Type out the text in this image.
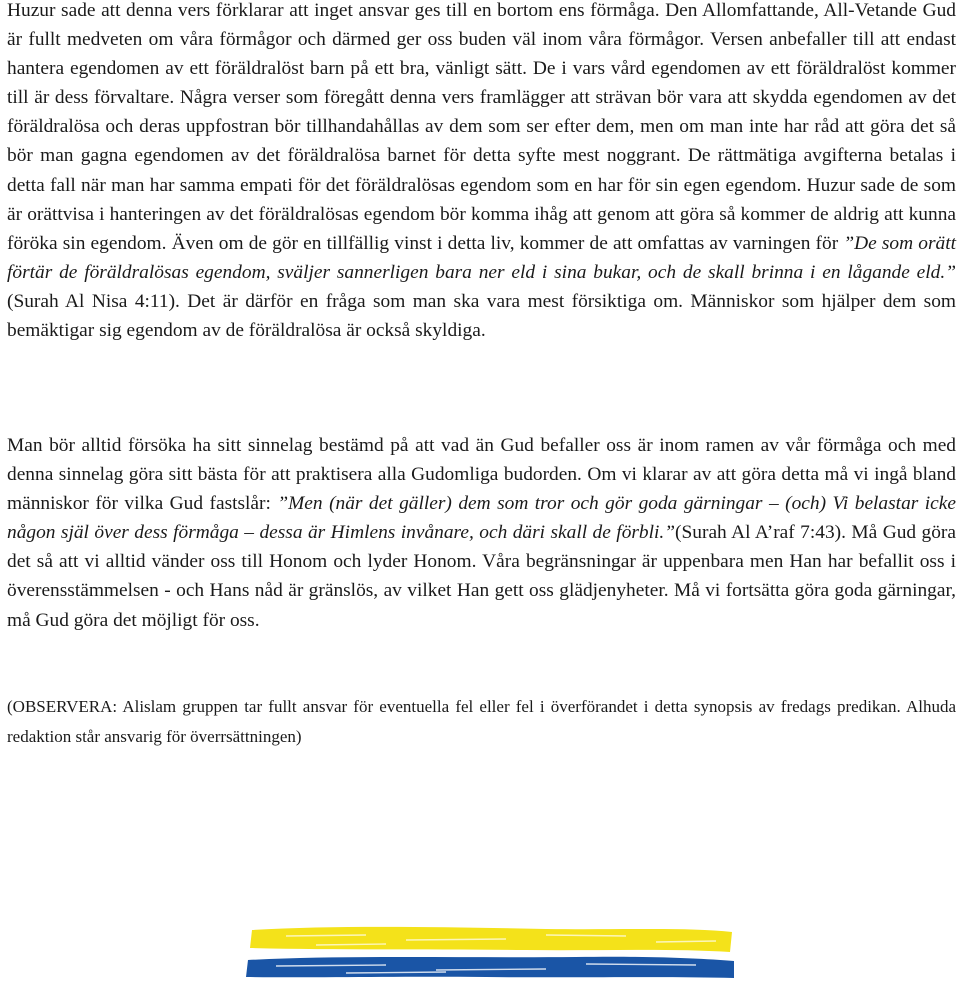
Huzur sade att denna vers förklarar att inget ansvar ges till en bortom ens förmåga. Den Allomfattande, All-Vetande Gud är fullt medveten om våra förmågor och därmed ger oss buden väl inom våra förmågor. Versen anbefaller till att endast hantera egendomen av ett föräldralöst barn på ett bra, vänligt sätt. De i vars vård egendomen av ett föräldralöst kommer till är dess förvaltare. Några verser som föregått denna vers framlägger att strävan bör vara att skydda egendomen av det föräldralösa och deras uppfostran bör tillhandahållas av dem som ser efter dem, men om man inte har råd att göra det så bör man gagna egendomen av det föräldralösa barnet för detta syfte mest noggrant. De rättmätiga avgifterna betalas i detta fall när man har samma empati för det föräldralösas egendom som en har för sin egen egendom. Huzur sade de som är orättvisa i hanteringen av det föräldralösas egendom bör komma ihåg att genom att göra så kommer de aldrig att kunna föröka sin egendom. Även om de gör en tillfällig vinst i detta liv, kommer de att omfattas av varningen för ”De som orätt förtär de föräldralösas egendom, sväljer sannerligen bara ner eld i sina bukar, och de skall brinna i en lågande eld.” (Surah Al Nisa 4:11). Det är därför en fråga som man ska vara mest försiktiga om. Människor som hjälper dem som bemäktigar sig egendom av de föräldralösa är också skyldiga.

Man bör alltid försöka ha sitt sinnelag bestämd på att vad än Gud befaller oss är inom ramen av vår förmåga och med denna sinnelag göra sitt bästa för att praktisera alla Gudomliga budorden. Om vi klarar av att göra detta må vi ingå bland människor för vilka Gud fastslår: ”Men (när det gäller) dem som tror och gör goda gärningar – (och) Vi belastar icke någon själ över dess förmåga – dessa är Himlens invånare, och däri skall de förbli.”(Surah Al A’raf 7:43). Må Gud göra det så att vi alltid vänder oss till Honom och lyder Honom. Våra begränsningar är uppenbara men Han har befallit oss i överensstämmelsen - och Hans nåd är gränslös, av vilket Han gett oss glädjenyheter. Må vi fortsätta göra goda gärningar, må Gud göra det möjligt för oss.

(OBSERVERA: Alislam gruppen tar fullt ansvar för eventuella fel eller fel i överförandet i detta synopsis av fredags predikan. Alhuda redaktion står ansvarig för överrsättningen)
